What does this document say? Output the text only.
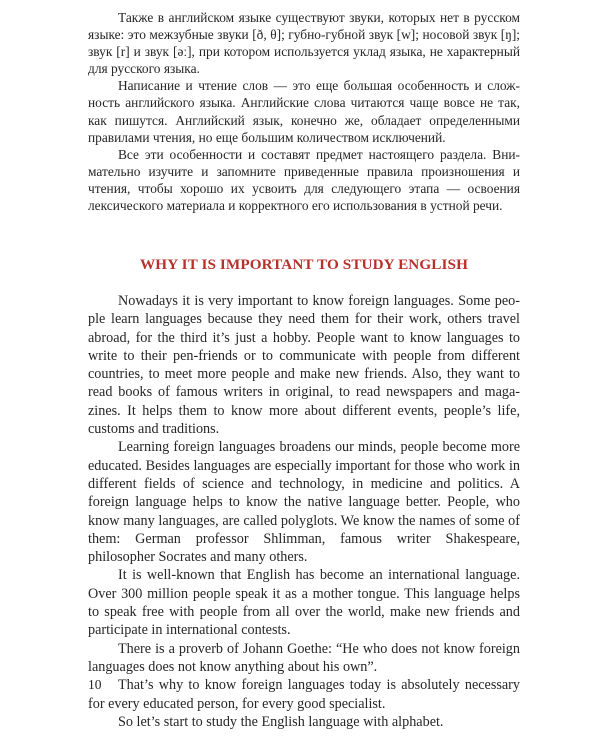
Также в английском языке существуют звуки, которых нет в русском языке: это межзубные звуки [ð, θ]; губно-губной звук [w]; носовой звук [ŋ]; звук [r] и звук [əː], при котором используется уклад языка, не характерный для русского языка.

Написание и чтение слов — это еще большая особенность и сложность английского языка. Английские слова читаются чаще вовсе не так, как пишутся. Английский язык, конечно же, обладает определенными правилами чтения, но еще большим количеством исключений.

Все эти особенности и составят предмет настоящего раздела. Внимательно изучите и запомните приведенные правила произношения и чтения, чтобы хорошо их усвоить для следующего этапа — освоения лексического материала и корректного его использования в устной речи.

WHY IT IS IMPORTANT TO STUDY ENGLISH

Nowadays it is very important to know foreign languages. Some people learn languages because they need them for their work, others travel abroad, for the third it’s just a hobby. People want to know languages to write to their pen-friends or to communicate with people from different countries, to meet more people and make new friends. Also, they want to read books of famous writers in original, to read newspapers and magazines. It helps them to know more about different events, people’s life, customs and traditions.

Learning foreign languages broadens our minds, people become more educated. Besides languages are especially important for those who work in different fields of science and technology, in medicine and politics. A foreign language helps to know the native language better. People, who know many languages, are called polyglots. We know the names of some of them: German professor Shlimman, famous writer Shakespeare, philosopher Socrates and many others.

It is well-known that English has become an international language. Over 300 million people speak it as a mother tongue. This language helps to speak free with people from all over the world, make new friends and participate in international contests.

There is a proverb of Johann Goethe: “He who does not know foreign languages does not know anything about his own”.

That’s why to know foreign languages today is absolutely necessary for every educated person, for every good specialist.

So let’s start to study the English language with alphabet.

10
